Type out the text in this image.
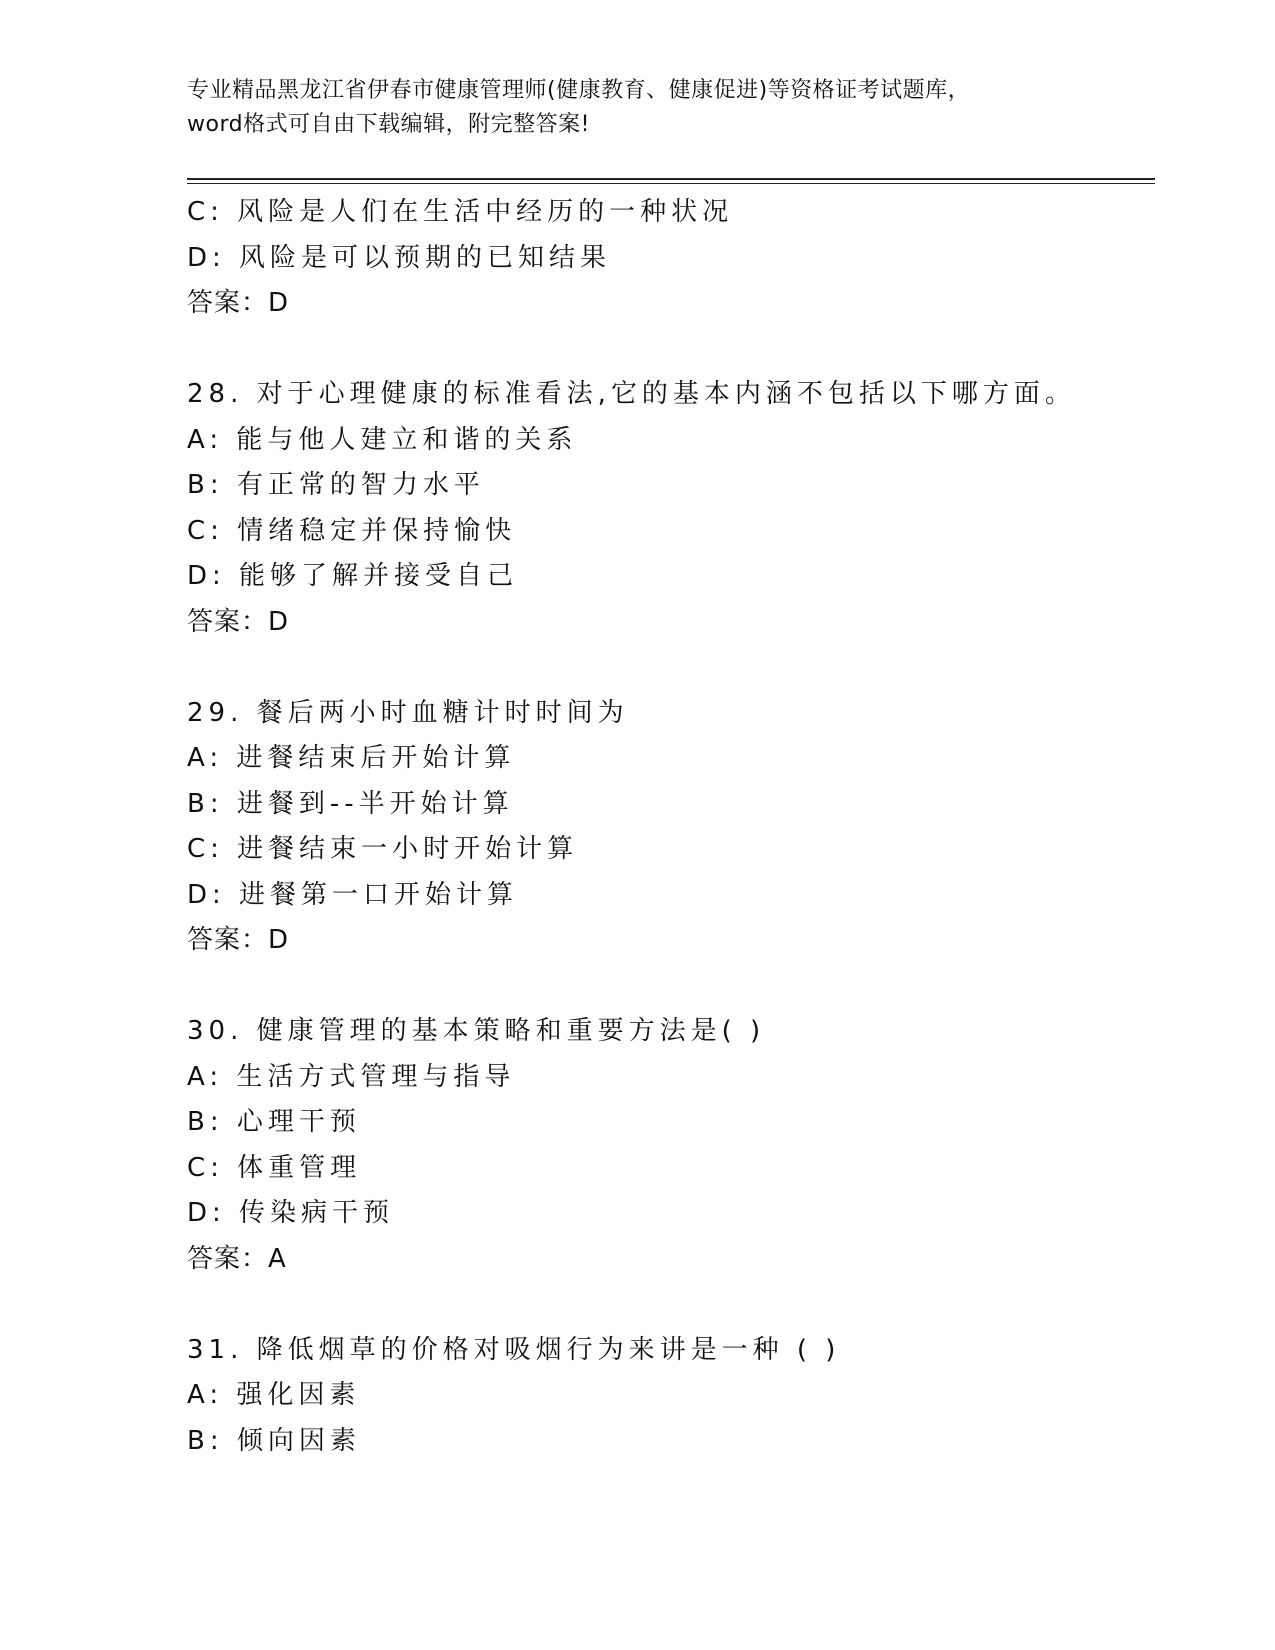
专业精品黑龙江省伊春市健康管理师(健康教育、健康促进)等资格证考试题库，
word格式可自由下载编辑，附完整答案!
C: 风险是人们在生活中经历的一种状况
D: 风险是可以预期的已知结果
答案：D
28. 对于心理健康的标准看法,它的基本内涵不包括以下哪方面。
A: 能与他人建立和谐的关系
B: 有正常的智力水平
C: 情绪稳定并保持愉快
D: 能够了解并接受自己
答案：D
29. 餐后两小时血糖计时时间为
A: 进餐结束后开始计算
B: 进餐到--半开始计算
C: 进餐结束一小时开始计算
D: 进餐第一口开始计算
答案：D
30. 健康管理的基本策略和重要方法是( )
A: 生活方式管理与指导
B: 心理干预
C: 体重管理
D: 传染病干预
答案：A
31. 降低烟草的价格对吸烟行为来讲是一种 ( )
A: 强化因素
B: 倾向因素
